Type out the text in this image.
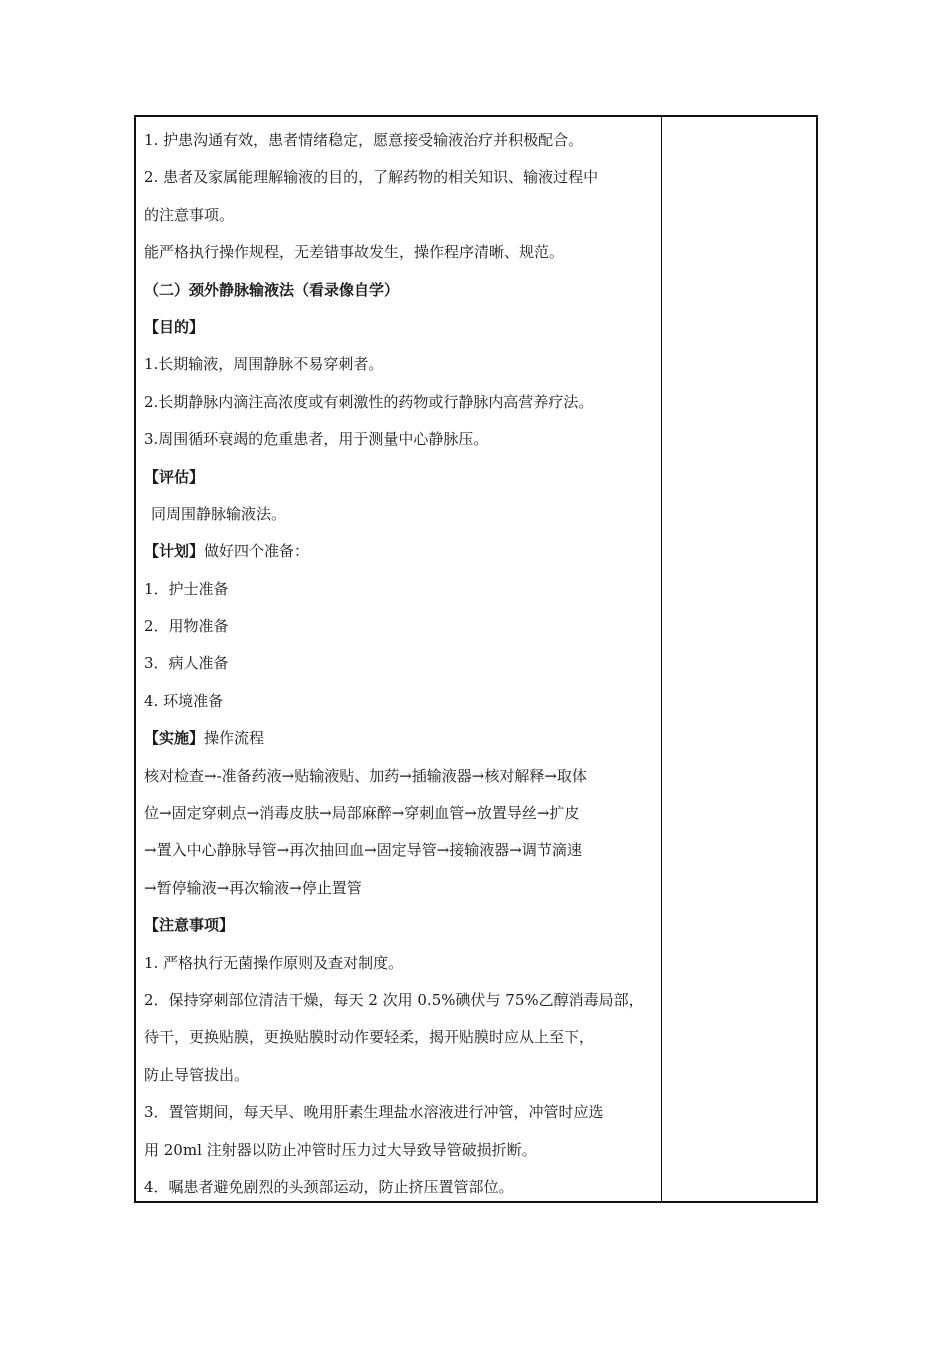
1. 护患沟通有效，患者情绪稳定，愿意接受输液治疗并积极配合。
2. 患者及家属能理解输液的目的，了解药物的相关知识、输液过程中
的注意事项。
能严格执行操作规程，无差错事故发生，操作程序清晰、规范。
（二）颈外静脉输液法（看录像自学）
【目的】
1.长期输液，周围静脉不易穿刺者。
2.长期静脉内滴注高浓度或有刺激性的药物或行静脉内高营养疗法。
3.周围循环衰竭的危重患者，用于测量中心静脉压。
【评估】
同周围静脉输液法。
【计划】做好四个准备：
1．护士准备
2．用物准备
3．病人准备
4. 环境准备
【实施】操作流程
核对检查→-准备药液→贴输液贴、加药→插输液器→核对解释→取体
位→固定穿刺点→消毒皮肤→局部麻醉→穿刺血管→放置导丝→扩皮
→置入中心静脉导管→再次抽回血→固定导管→接输液器→调节滴速
→暂停输液→再次输液→停止置管
【注意事项】
1. 严格执行无菌操作原则及查对制度。
2．保持穿刺部位清洁干燥，每天 2 次用 0.5%碘伏与 75%乙醇消毒局部，
待干，更换贴膜，更换贴膜时动作要轻柔，揭开贴膜时应从上至下，
防止导管拔出。
3．置管期间，每天早、晚用肝素生理盐水溶液进行冲管，冲管时应选
用 20ml 注射器以防止冲管时压力过大导致导管破损折断。
4．嘱患者避免剧烈的头颈部运动，防止挤压置管部位。
